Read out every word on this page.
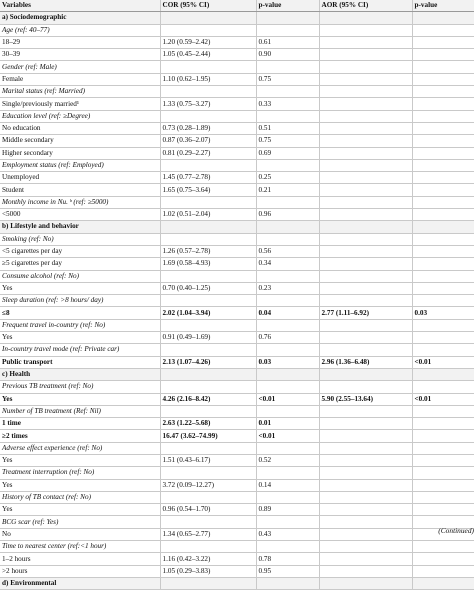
Variables	COR (95% CI)	p-value	AOR (95% CI)	p-value
a) Sociodemographic				
Age (ref: 40–77)				
18–29	1.20 (0.59–2.42)	0.61		
30–39	1.05 (0.45–2.44)	0.90		
Gender (ref: Male)				
Female	1.10 (0.62–1.95)	0.75		
Marital status (ref: Married)				
Single/previously married¹	1.33 (0.75–3.27)	0.33		
Education level (ref: ≥Degree)				
No education	0.73 (0.28–1.89)	0.51		
Middle secondary	0.87 (0.36–2.07)	0.75		
Higher secondary	0.81 (0.29–2.27)	0.69		
Employment status (ref: Employed)				
Unemployed	1.45 (0.77–2.78)	0.25		
Student	1.65 (0.75–3.64)	0.21		
Monthly income in Nu. ᵇ (ref: ≥5000)				
<5000	1.02 (0.51–2.04)	0.96		
b) Lifestyle and behavior				
Smoking (ref: No)				
<5 cigarettes per day	1.26 (0.57–2.78)	0.56		
≥5 cigarettes per day	1.69 (0.58–4.93)	0.34		
Consume alcohol (ref: No)				
Yes	0.70 (0.40–1.25)	0.23		
Sleep duration (ref: >8 hours/ day)				
≤8	2.02 (1.04–3.94)	0.04	2.77 (1.11–6.92)	0.03
Frequent travel in-country (ref: No)				
Yes	0.91 (0.49–1.69)	0.76		
In-country travel mode (ref: Private car)				
Public transport	2.13 (1.07–4.26)	0.03	2.96 (1.36–6.48)	<0.01
c) Health				
Previous TB treatment (ref: No)				
Yes	4.26 (2.16–8.42)	<0.01	5.90 (2.55–13.64)	<0.01
Number of TB treatment (Ref: Nil)				
1 time	2.63 (1.22–5.68)	0.01		
≥2 times	16.47 (3.62–74.99)	<0.01		
Adverse effect experience (ref: No)				
Yes	1.51 (0.43–6.17)	0.52		
Treatment interruption (ref: No)				
Yes	3.72 (0.09–12.27)	0.14		
History of TB contact (ref: No)				
Yes	0.96 (0.54–1.70)	0.89		
BCG scar (ref: Yes)				
No	1.34 (0.65–2.77)	0.43		
Time to nearest center (ref:<1 hour)				
1–2 hours	1.16 (0.42–3.22)	0.78		
>2 hours	1.05 (0.29–3.83)	0.95		
d) Environmental				
(Continued)
